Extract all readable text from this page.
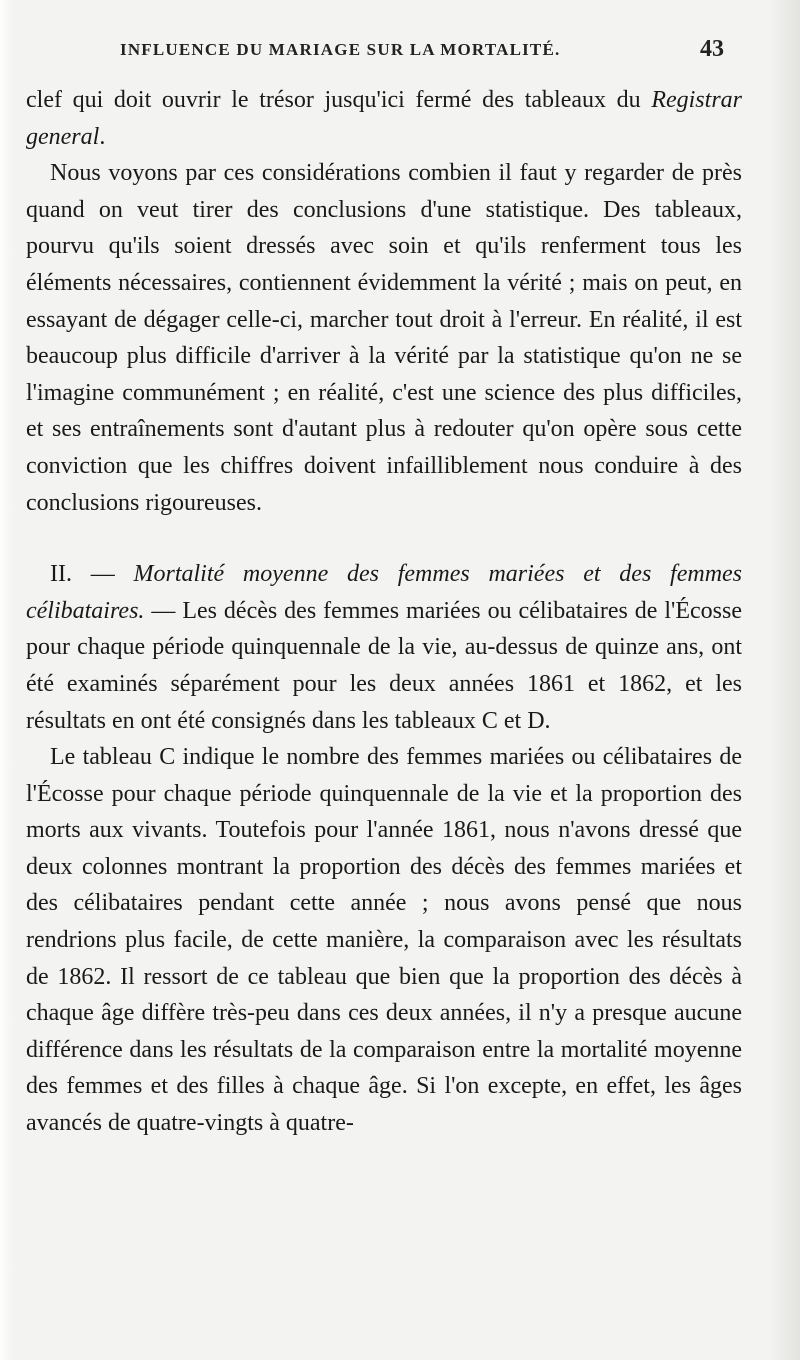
INFLUENCE DU MARIAGE SUR LA MORTALITÉ.	43

clef qui doit ouvrir le trésor jusqu'ici fermé des tableaux du Registrar general.

Nous voyons par ces considérations combien il faut y regarder de près quand on veut tirer des conclusions d'une statistique. Des tableaux, pourvu qu'ils soient dressés avec soin et qu'ils renferment tous les éléments nécessaires, contiennent évidemment la vérité ; mais on peut, en essayant de dégager celle-ci, marcher tout droit à l'erreur. En réalité, il est beaucoup plus difficile d'arriver à la vérité par la statistique qu'on ne se l'imagine communément ; en réalité, c'est une science des plus difficiles, et ses entraînements sont d'autant plus à redouter qu'on opère sous cette conviction que les chiffres doivent infailliblement nous conduire à des conclusions rigoureuses.

II. — Mortalité moyenne des femmes mariées et des femmes célibataires. — Les décès des femmes mariées ou célibataires de l'Écosse pour chaque période quinquennale de la vie, au-dessus de quinze ans, ont été examinés séparément pour les deux années 1861 et 1862, et les résultats en ont été consignés dans les tableaux C et D.

Le tableau C indique le nombre des femmes mariées ou célibataires de l'Écosse pour chaque période quinquennale de la vie et la proportion des morts aux vivants. Toutefois pour l'année 1861, nous n'avons dressé que deux colonnes montrant la proportion des décès des femmes mariées et des célibataires pendant cette année ; nous avons pensé que nous rendrions plus facile, de cette manière, la comparaison avec les résultats de 1862. Il ressort de ce tableau que bien que la proportion des décès à chaque âge diffère très-peu dans ces deux années, il n'y a presque aucune différence dans les résultats de la comparaison entre la mortalité moyenne des femmes et des filles à chaque âge. Si l'on excepte, en effet, les âges avancés de quatre-vingts à quatre-
